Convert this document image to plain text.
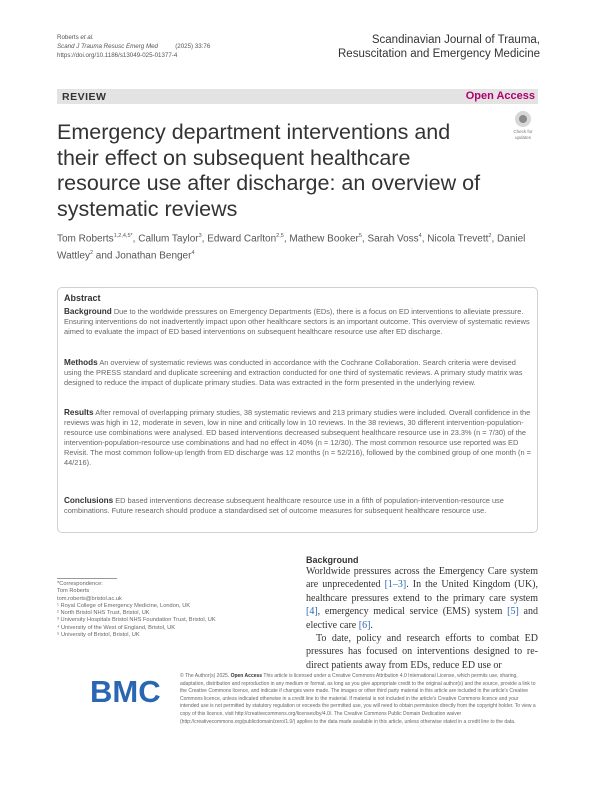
Roberts et al.
Scand J Trauma Resusc Emerg Med	(2025) 33:76
https://doi.org/10.1186/s13049-025-01377-4
Scandinavian Journal of Trauma,
Resuscitation and Emergency Medicine
REVIEW	Open Access
Emergency department interventions and their effect on subsequent healthcare resource use after discharge: an overview of systematic reviews
Check for
updates
Tom Roberts$^{1,2,4,5*}$, Callum Taylor$^3$, Edward Carlton$^{2,5}$, Mathew Booker$^5$, Sarah Voss$^4$, Nicola Trevett$^2$, Daniel Wattley$^2$ and Jonathan Benger$^4$
Abstract
Background Due to the worldwide pressures on Emergency Departments (EDs), there is a focus on ED interventions to alleviate pressure. Ensuring interventions do not inadvertently impact upon other healthcare sectors is an important outcome. This overview of systematic reviews aimed to evaluate the impact of ED based interventions on subsequent healthcare resource use after ED discharge.
Methods An overview of systematic reviews was conducted in accordance with the Cochrane Collaboration. Search criteria were devised using the PRESS standard and duplicate screening and extraction conducted for one third of systematic reviews. A primary study matrix was designed to reduce the impact of duplicate primary studies. Data was extracted in the form presented in the underlying review.
Results After removal of overlapping primary studies, 38 systematic reviews and 213 primary studies were included. Overall confidence in the reviews was high in 12, moderate in seven, low in nine and critically low in 10 reviews. In the 38 reviews, 30 different intervention-population-resource use combinations were analysed. ED based interventions decreased subsequent healthcare resource use in 23.3% (n = 7/30) of the intervention-population-resource use combinations and had no effect in 40% (n = 12/30). The most common resource use reported was ED Revisit. The most common follow-up length from ED discharge was 12 months (n = 52/216), followed by the combined group of one month (n = 44/216).
Conclusions ED based interventions decrease subsequent healthcare resource use in a fifth of population-intervention-resource use combinations. Future research should produce a standardised set of outcome measures for subsequent healthcare resource use.
*Correspondence:
Tom Roberts
tom.roberts@bristol.ac.uk
¹ Royal College of Emergency Medicine, London, UK
² North Bristol NHS Trust, Bristol, UK
³ University Hospitals Bristol NHS Foundation Trust, Bristol, UK
⁴ University of the West of England, Bristol, UK
⁵ University of Bristol, Bristol, UK
Background

Worldwide pressures across the Emergency Care system are unprecedented [1–3]. In the United Kingdom (UK), healthcare pressures extend to the primary care system [4], emergency medical service (EMS) system [5] and elective care [6].

To date, policy and research efforts to combat ED pressures has focused on interventions designed to re-direct patients away from EDs, reduce ED use or

BMC	© The Author(s) 2025. Open Access This article is licensed under a Creative Commons Attribution 4.0 International License, which permits use, sharing, adaptation, distribution and reproduction in any medium or format, as long as you give appropriate credit to the original author(s) and the source, provide a link to the Creative Commons licence, and indicate if changes were made. The images or other third party material in this article are included in the article's Creative Commons licence, unless indicated otherwise in a credit line to the material. If material is not included in the article's Creative Commons licence and your intended use is not permitted by statutory regulation or exceeds the permitted use, you will need to obtain permission directly from the copyright holder. To view a copy of this licence, visit http://creativecommons.org/licenses/by/4.0/. The Creative Commons Public Domain Dedication waiver (http://creativecommons.org/publicdomain/zero/1.0/) applies to the data made available in this article, unless otherwise stated in a credit line to the data.
